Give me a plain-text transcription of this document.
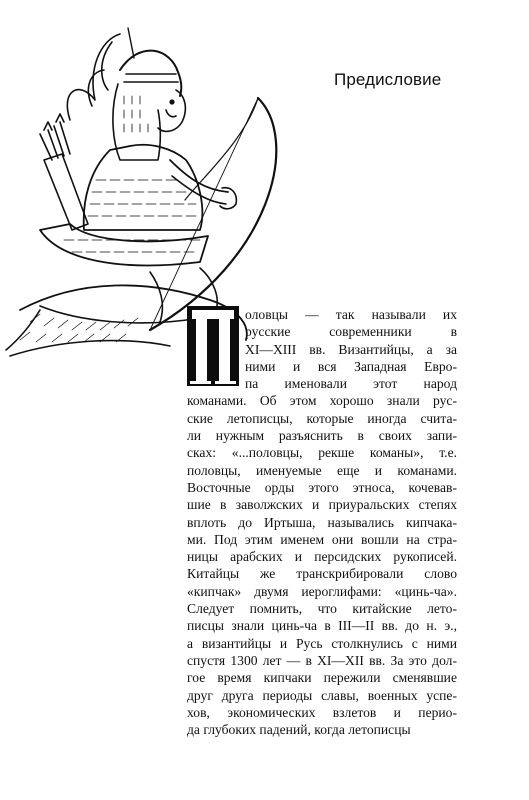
Предисловие
оловцы — так называли их
русские современники в
XI—XIII вв. Византийцы, а за
ними и вся Западная Евро-
па именовали этот народ
команами. Об этом хорошо знали рус-
ские летописцы, которые иногда счита-
ли нужным разъяснить в своих запи-
сках: «...половцы, рекше команы», т.е.
половцы, именуемые еще и команами.
Восточные орды этого этноса, кочевав-
шие в заволжских и приуральских степях
вплоть до Иртыша, назывались кипчака-
ми. Под этим именем они вошли на стра-
ницы арабских и персидских рукописей.
Китайцы же транскрибировали слово
«кипчак» двумя иероглифами: «цинь-ча».
Следует помнить, что китайские лето-
писцы знали цинь-ча в III—II вв. до н. э.,
а византийцы и Русь столкнулись с ними
спустя 1300 лет — в XI—XII вв. За это дол-
гое время кипчаки пережили сменявшие
друг друга периоды славы, военных успе-
хов, экономических взлетов и перио-
да глубоких падений, когда летописцы
